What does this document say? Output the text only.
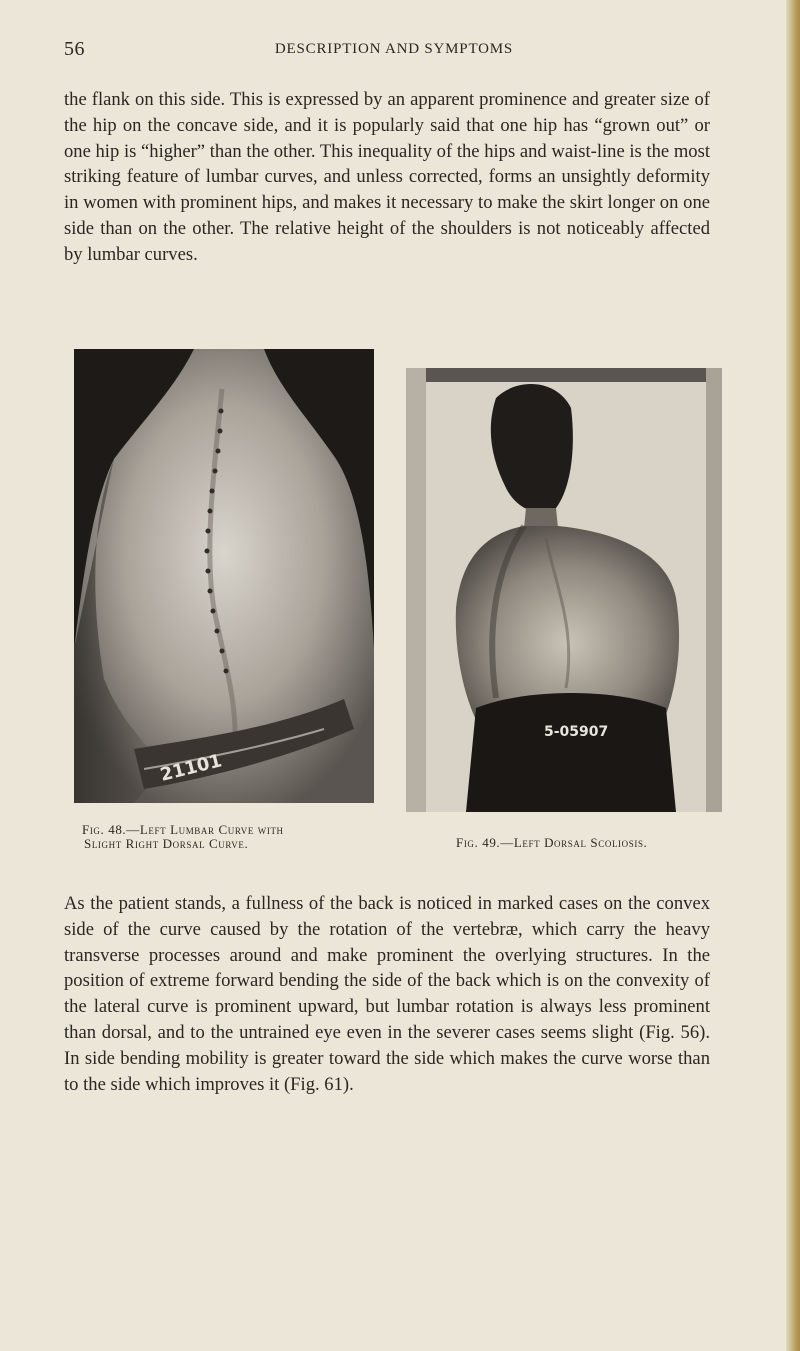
56	DESCRIPTION AND SYMPTOMS

the flank on this side. This is expressed by an apparent prominence and greater size of the hip on the concave side, and it is popularly said that one hip has “grown out” or one hip is “higher” than the other. This inequality of the hips and waist-line is the most striking feature of lumbar curves, and unless corrected, forms an unsightly deformity in women with prominent hips, and makes it necessary to make the skirt longer on one side than on the other. The relative height of the shoulders is not noticeably affected by lumbar curves.

21101
5-05907
Fig. 48.—Left Lumbar Curve with
Slight Right Dorsal Curve.	Fig. 49.—Left Dorsal Scoliosis.

As the patient stands, a fullness of the back is noticed in marked cases on the convex side of the curve caused by the rotation of the vertebræ, which carry the heavy transverse processes around and make prominent the overlying structures. In the position of extreme forward bending the side of the back which is on the convexity of the lateral curve is prominent upward, but lumbar rotation is always less prominent than dorsal, and to the untrained eye even in the severer cases seems slight (Fig. 56). In side bending mobility is greater toward the side which makes the curve worse than to the side which improves it (Fig. 61).
